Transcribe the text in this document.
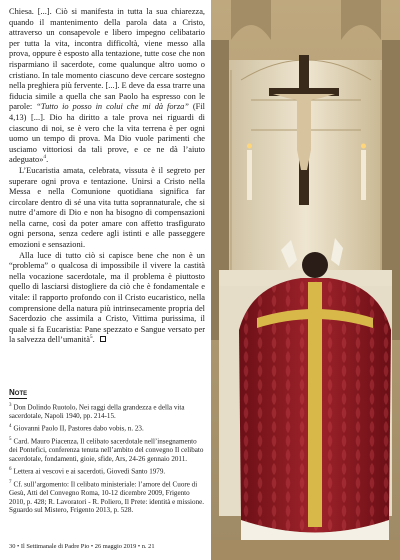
Chiesa. [...]. Ciò si manifesta in tutta la sua chiarezza, quando il mantenimento della parola data a Cristo, attraverso un consapevole e libero impegno celibatario per tutta la vita, incontra difficoltà, viene messo alla prova, oppure è esposto alla tentazione, tutte cose che non risparmiano il sacerdote, come qualunque altro uomo o cristiano. In tale momento ciascuno deve cercare sostegno nella preghiera più fervente. [...]. E deve da essa trarre una fiducia simile a quella che san Paolo ha espresso con le parole: “Tutto io posso in colui che mi dà forza” (Fil 4,13) [...]. Dio ha diritto a tale prova nei riguardi di ciascuno di noi, se è vero che la vita terrena è per ogni uomo un tempo di prova. Ma Dio vuole parimenti che usciamo vittoriosi da tali prove, e ce ne dà l’aiuto adeguato»$^4$.

L’Eucaristia amata, celebrata, vissuta è il segreto per superare ogni prova e tentazione. Unirsi a Cristo nella Messa e nella Comunione quotidiana significa far circolare dentro di sé una vita tutta soprannaturale, che si nutre d’amore di Dio e non ha bisogno di compensazioni nella carne, così da poter amare con affetto trasfigurato ogni persona, senza cedere agli istinti e alle passeggere emozioni e sensazioni.

Alla luce di tutto ciò si capisce bene che non è un “problema” o qualcosa di impossibile il vivere la castità nella vocazione sacerdotale, ma il problema è piuttosto quello di lasciarsi distogliere da ciò che è fondamentale e vitale: il rapporto profondo con il Cristo eucaristico, nella comprensione della natura più intrinsecamente propria del Sacerdozio che assimila a Cristo, Vittima purissima, il quale si fa Eucaristia: Pane spezzato e Sangue versato per la salvezza dell’umanità$^5$.

Note
$^3$ Don Dolindo Ruotolo, Nei raggi della grandezza e della vita sacerdotale, Napoli 1940, pp. 214-15.
$^4$ Giovanni Paolo II, Pastores dabo vobis, n. 23.
$^5$ Card. Mauro Piacenza, Il celibato sacerdotale nell’insegnamento dei Pontefici, conferenza tenuta nell’ambito del convegno Il celibato sacerdotale, fondamenti, gioie, sfide, Ars, 24-26 gennaio 2011.
$^6$ Lettera ai vescovi e ai sacerdoti, Giovedì Santo 1979.
$^7$ Cf. sull’argomento: Il celibato ministeriale: l’amore del Cuore di Gesù, Atti del Convegno Roma, 10-12 dicembre 2009, Frigento 2010, p. 428; R. Lavoratori - R. Poliero, Il Prete: identità e missione. Sguardo sul Mistero, Frigento 2013, p. 528.
30 • Il Settimanale di Padre Pio • 26 maggio 2019 • n. 21
